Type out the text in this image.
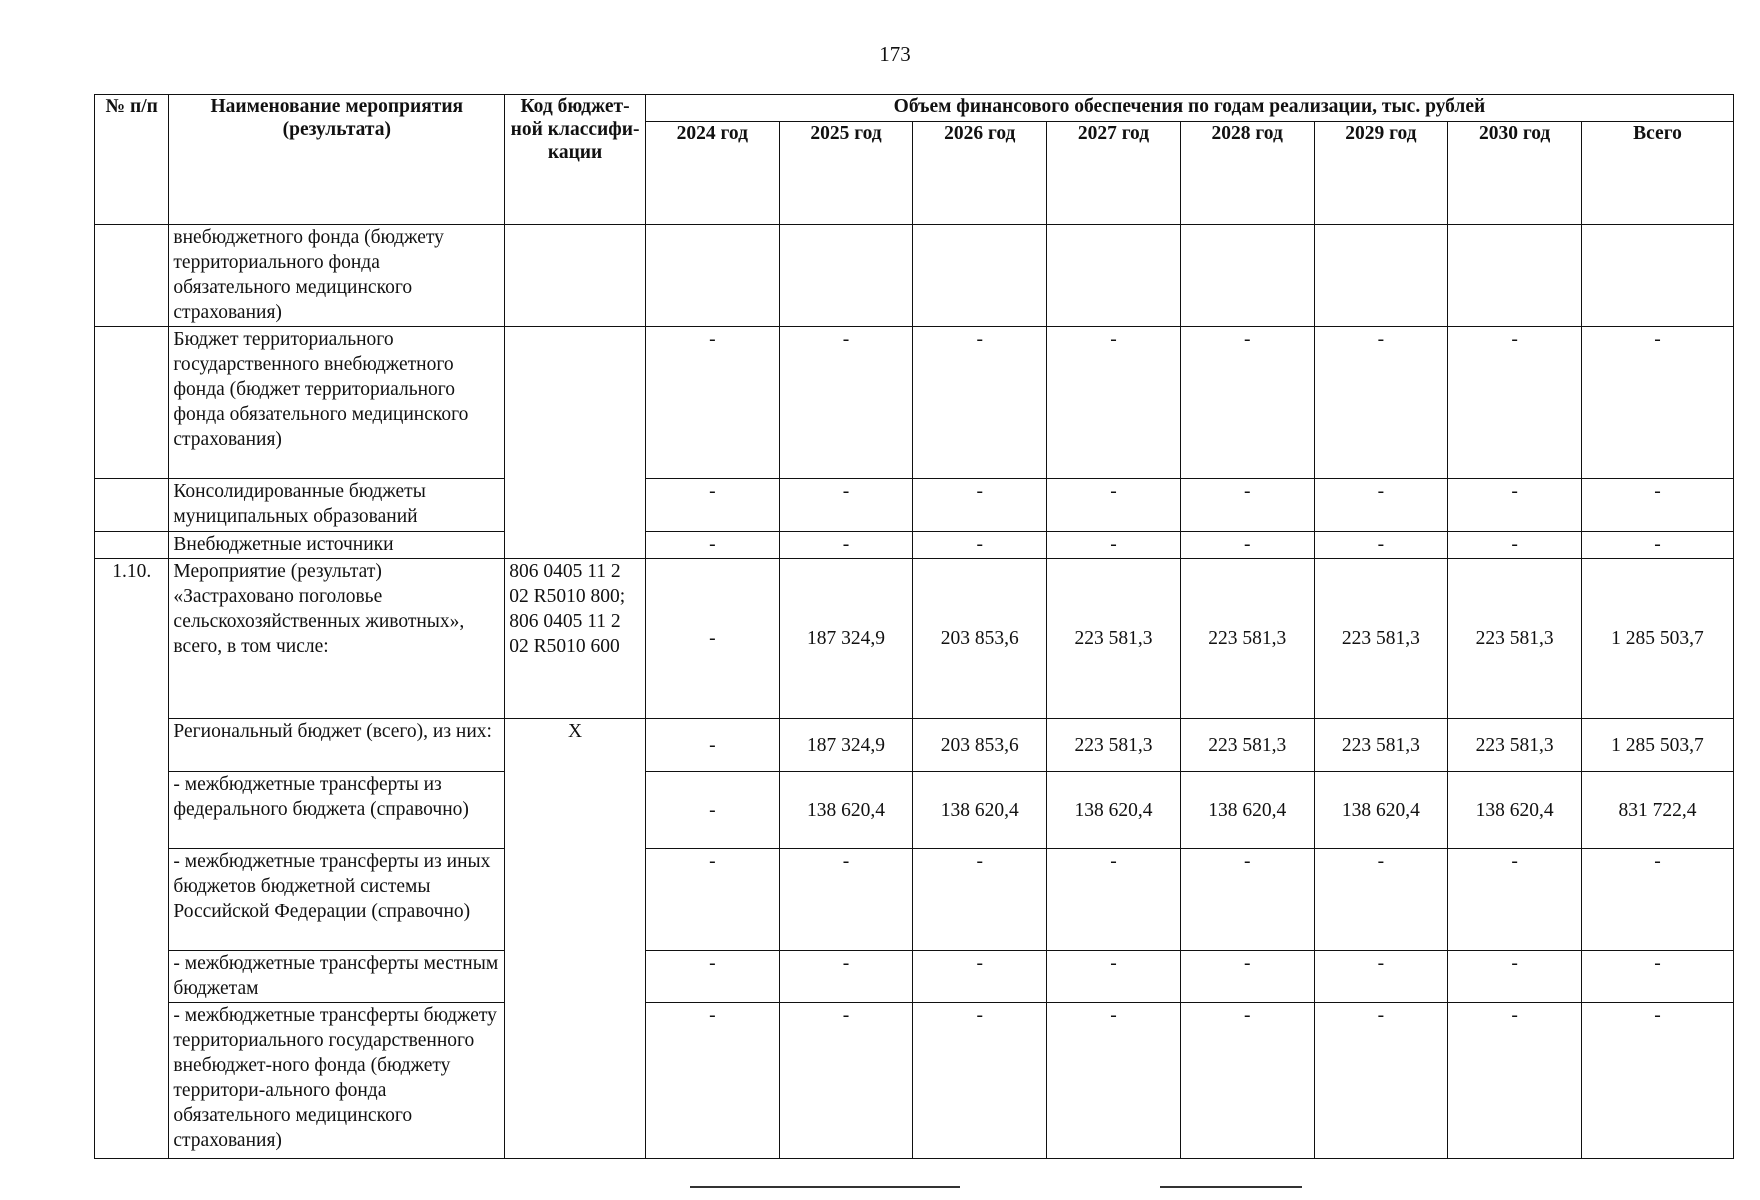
173
№ п/п	Наименование мероприятия (результата)	Код бюджет-ной классифи-кации	Объем финансового обеспечения по годам реализации, тыс. рублей							
			2024 год	2025 год	2026 год	2027 год	2028 год	2029 год	2030 год	Всего
	внебюджетного фонда (бюджету территориального фонда обязательного медицинского страхования)									
	Бюджет территориального государственного внебюджетного фонда (бюджет территориального фонда обязательного медицинского страхования)		-	-	-	-	-	-	-	-
	Консолидированные бюджеты муниципальных образований		-	-	-	-	-	-	-	-
	Внебюджетные источники		-	-	-	-	-	-	-	-
1.10.	Мероприятие (результат) «Застраховано поголовье сельскохозяйственных животных», всего, в том числе:	806 0405 11 2 02 R5010 800; 806 0405 11 2 02 R5010 600	-	187 324,9	203 853,6	223 581,3	223 581,3	223 581,3	223 581,3	1 285 503,7
	Региональный бюджет (всего), из них:	Х	-	187 324,9	203 853,6	223 581,3	223 581,3	223 581,3	223 581,3	1 285 503,7
	- межбюджетные трансферты из федерального бюджета (справочно)		-	138 620,4	138 620,4	138 620,4	138 620,4	138 620,4	138 620,4	831 722,4
	- межбюджетные трансферты из иных бюджетов бюджетной системы Российской Федерации (справочно)		-	-	-	-	-	-	-	-
	- межбюджетные трансферты местным бюджетам		-	-	-	-	-	-	-	-
	- межбюджетные трансферты бюджету территориального государственного внебюджет-ного фонда (бюджету территори-ального фонда обязательного медицинского страхования)		-	-	-	-	-	-	-	-
